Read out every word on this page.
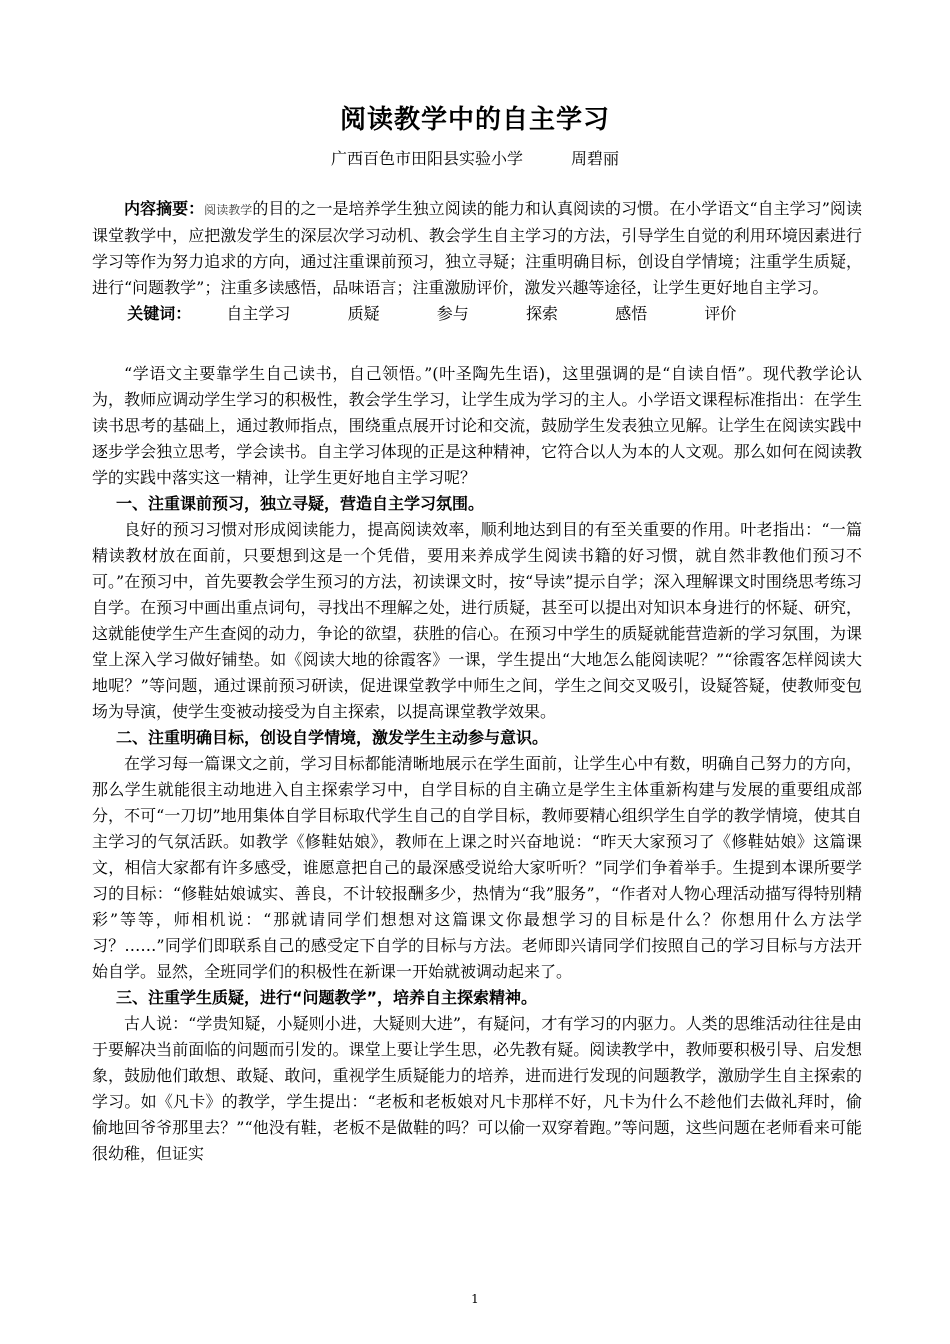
阅读教学中的自主学习
广西百色市田阳县实验小学	周碧丽

内容摘要：阅读教学的目的之一是培养学生独立阅读的能力和认真阅读的习惯。在小学语文“自主学习”阅读课堂教学中，应把激发学生的深层次学习动机、教会学生自主学习的方法，引导学生自觉的利用环境因素进行学习等作为努力追求的方向，通过注重课前预习，独立寻疑；注重明确目标，创设自学情境；注重学生质疑，进行“问题教学”；注重多读感悟，品味语言；注重激励评价，激发兴趣等途径，让学生更好地自主学习。

关键词： 自主学习	质疑	参与	探索	感悟	评价

“学语文主要靠学生自己读书，自己领悟。”(叶圣陶先生语)，这里强调的是“自读自悟”。现代教学论认为，教师应调动学生学习的积极性，教会学生学习，让学生成为学习的主人。小学语文课程标准指出：在学生读书思考的基础上，通过教师指点，围绕重点展开讨论和交流，鼓励学生发表独立见解。让学生在阅读实践中逐步学会独立思考，学会读书。自主学习体现的正是这种精神，它符合以人为本的人文观。那么如何在阅读教学的实践中落实这一精神，让学生更好地自主学习呢？

一、注重课前预习，独立寻疑，营造自主学习氛围。

良好的预习习惯对形成阅读能力，提高阅读效率，顺利地达到目的有至关重要的作用。叶老指出：“一篇精读教材放在面前，只要想到这是一个凭借，要用来养成学生阅读书籍的好习惯，就自然非教他们预习不可。”在预习中，首先要教会学生预习的方法，初读课文时，按“导读”提示自学；深入理解课文时围绕思考练习自学。在预习中画出重点词句，寻找出不理解之处，进行质疑，甚至可以提出对知识本身进行的怀疑、研究，这就能使学生产生查阅的动力，争论的欲望，获胜的信心。在预习中学生的质疑就能营造新的学习氛围，为课堂上深入学习做好铺垫。如《阅读大地的徐霞客》一课，学生提出“大地怎么能阅读呢？”“徐霞客怎样阅读大地呢？”等问题，通过课前预习研读，促进课堂教学中师生之间，学生之间交叉吸引，设疑答疑，使教师变包场为导演，使学生变被动接受为自主探索，以提高课堂教学效果。

二、注重明确目标，创设自学情境，激发学生主动参与意识。

在学习每一篇课文之前，学习目标都能清晰地展示在学生面前，让学生心中有数，明确自己努力的方向，那么学生就能很主动地进入自主探索学习中，自学目标的自主确立是学生主体重新构建与发展的重要组成部分，不可“一刀切”地用集体自学目标取代学生自己的自学目标，教师要精心组织学生自学的教学情境，使其自主学习的气氛活跃。如教学《修鞋姑娘》，教师在上课之时兴奋地说：“昨天大家预习了《修鞋姑娘》这篇课文，相信大家都有许多感受，谁愿意把自己的最深感受说给大家听听？”同学们争着举手。生提到本课所要学习的目标：“修鞋姑娘诚实、善良，不计较报酬多少，热情为“我”服务”，“作者对人物心理活动描写得特别精彩”等等，师相机说：“那就请同学们想想对这篇课文你最想学习的目标是什么？你想用什么方法学习？……”同学们即联系自己的感受定下自学的目标与方法。老师即兴请同学们按照自己的学习目标与方法开始自学。显然，全班同学们的积极性在新课一开始就被调动起来了。

三、注重学生质疑，进行“问题教学”，培养自主探索精神。

古人说：“学贵知疑，小疑则小进，大疑则大进”，有疑问，才有学习的内驱力。人类的思维活动往往是由于要解决当前面临的问题而引发的。课堂上要让学生思，必先教有疑。阅读教学中，教师要积极引导、启发想象，鼓励他们敢想、敢疑、敢问，重视学生质疑能力的培养，进而进行发现的问题教学，激励学生自主探索的学习。如《凡卡》的教学，学生提出：“老板和老板娘对凡卡那样不好，凡卡为什么不趁他们去做礼拜时，偷偷地回爷爷那里去？”“他没有鞋，老板不是做鞋的吗？可以偷一双穿着跑。”等问题，这些问题在老师看来可能很幼稚，但证实

1
